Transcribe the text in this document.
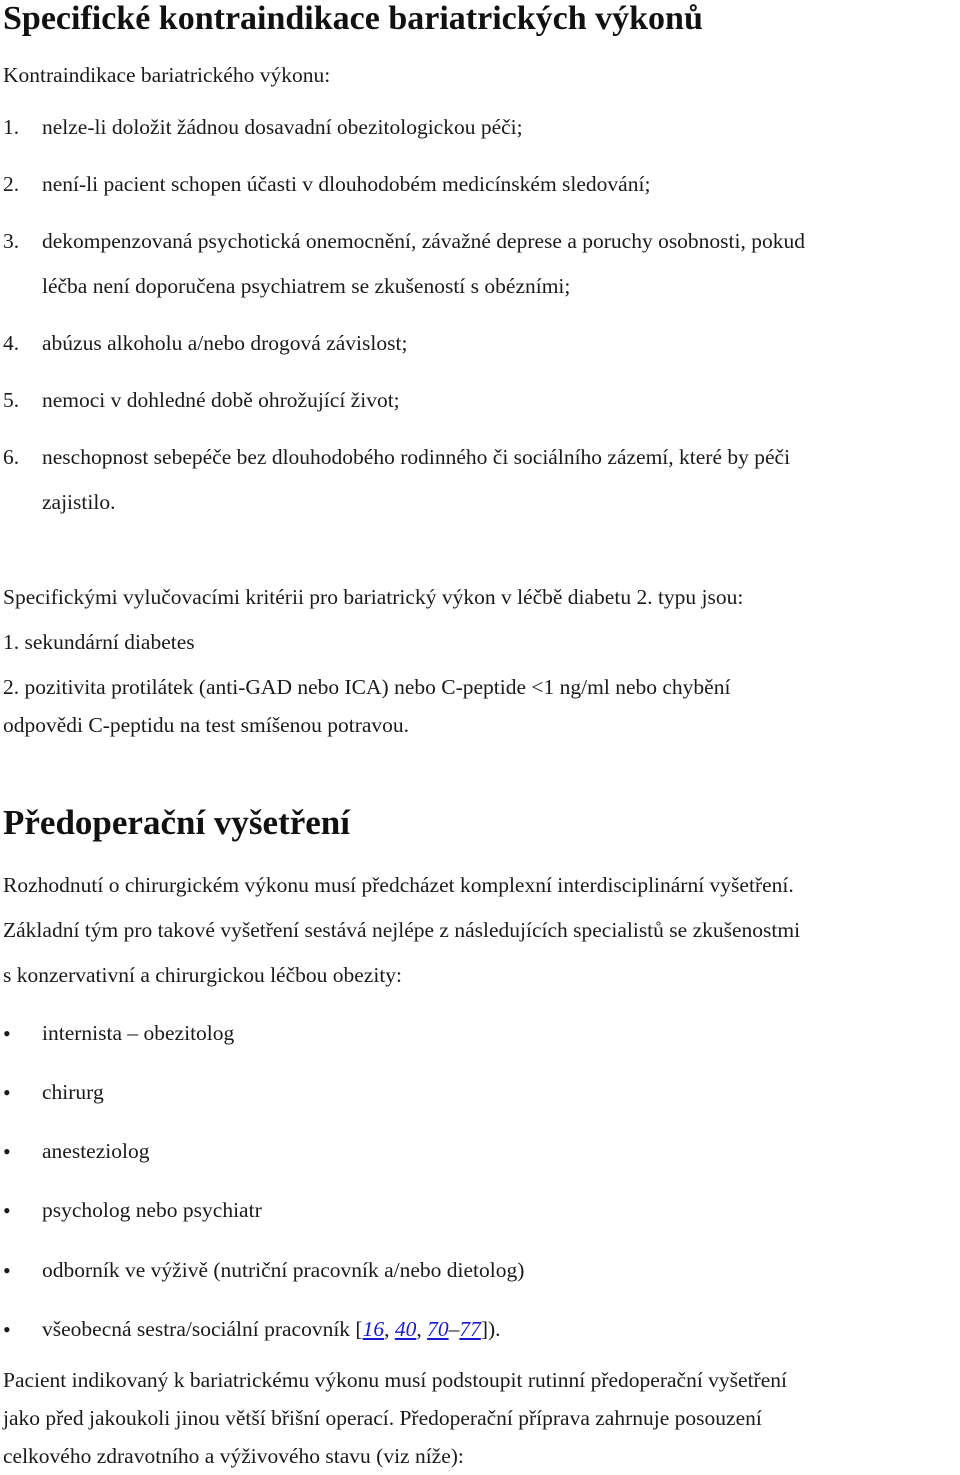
Specifické kontraindikace bariatrických výkonů
Kontraindikace bariatrického výkonu:
1. nelze-li doložit žádnou dosavadní obezitologickou péči;
2. není-li pacient schopen účasti v dlouhodobém medicínském sledování;
3. dekompenzovaná psychotická onemocnění, závažné deprese a poruchy osobnosti, pokud
léčba není doporučena psychiatrem se zkušeností s obézními;
4. abúzus alkoholu a/nebo drogová závislost;
5. nemoci v dohledné době ohrožující život;
6. neschopnost sebepéče bez dlouhodobého rodinného či sociálního zázemí, které by péči
zajistilo.
Specifickými vylučovacími kritérii pro bariatrický výkon v léčbě diabetu 2. typu jsou:
1. sekundární diabetes
2. pozitivita protilátek (anti-GAD nebo ICA) nebo C-peptide <1 ng/ml nebo chybění
odpovědi C-peptidu na test smíšenou potravou.
Předoperační vyšetření
Rozhodnutí o chirurgickém výkonu musí předcházet komplexní interdisciplinární vyšetření.
Základní tým pro takové vyšetření sestává nejlépe z následujících specialistů se zkušenostmi
s konzervativní a chirurgickou léčbou obezity:
• internista – obezitolog
• chirurg
• anesteziolog
• psycholog nebo psychiatr
• odborník ve výživě (nutriční pracovník a/nebo dietolog)
• všeobecná sestra/sociální pracovník [16, 40, 70–77]).
Pacient indikovaný k bariatrickému výkonu musí podstoupit rutinní předoperační vyšetření
jako před jakoukoli jinou větší břišní operací. Předoperační příprava zahrnuje posouzení
celkového zdravotního a výživového stavu (viz níže):
